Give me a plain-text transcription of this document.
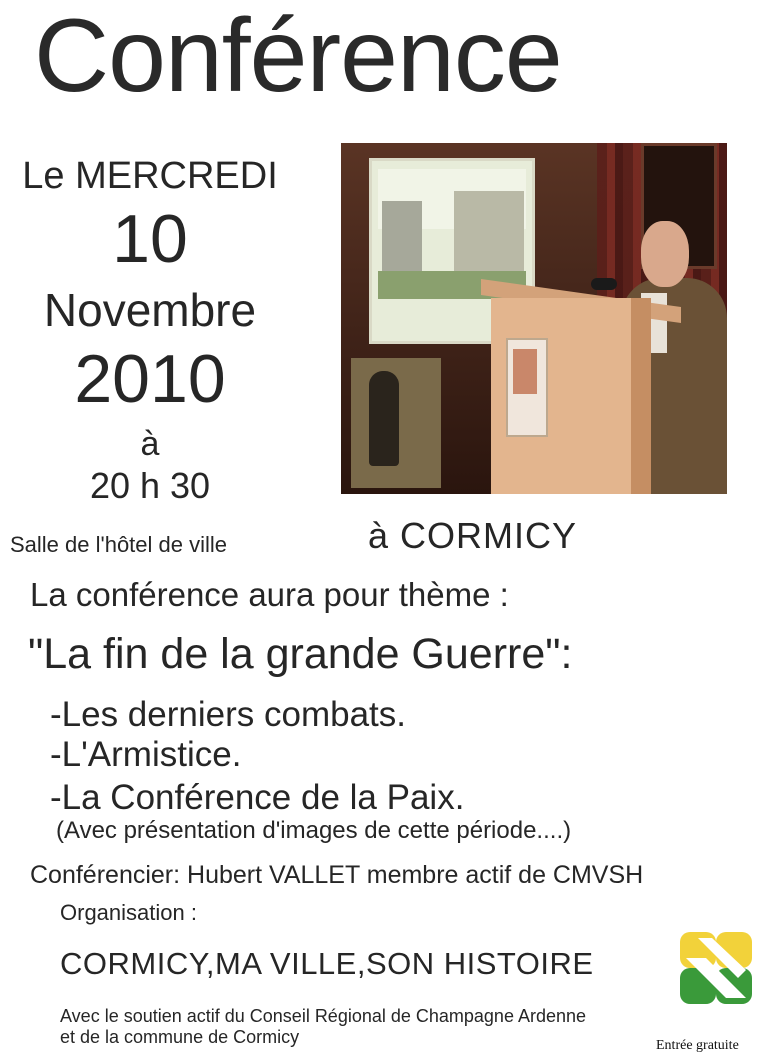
Conférence
Le MERCREDI
10
Novembre
2010
à
20 h 30
Salle de l'hôtel de ville	à CORMICY
La conférence aura pour thème :
"La fin de la grande Guerre":
-Les derniers combats.
-L'Armistice.
-La Conférence de la Paix.
(Avec présentation d'images de cette période....)
Conférencier: Hubert VALLET membre actif de CMVSH
Organisation :
CORMICY,MA VILLE,SON HISTOIRE
Avec le soutien actif du Conseil Régional de Champagne Ardenne
et de la commune de Cormicy	Entrée gratuite
